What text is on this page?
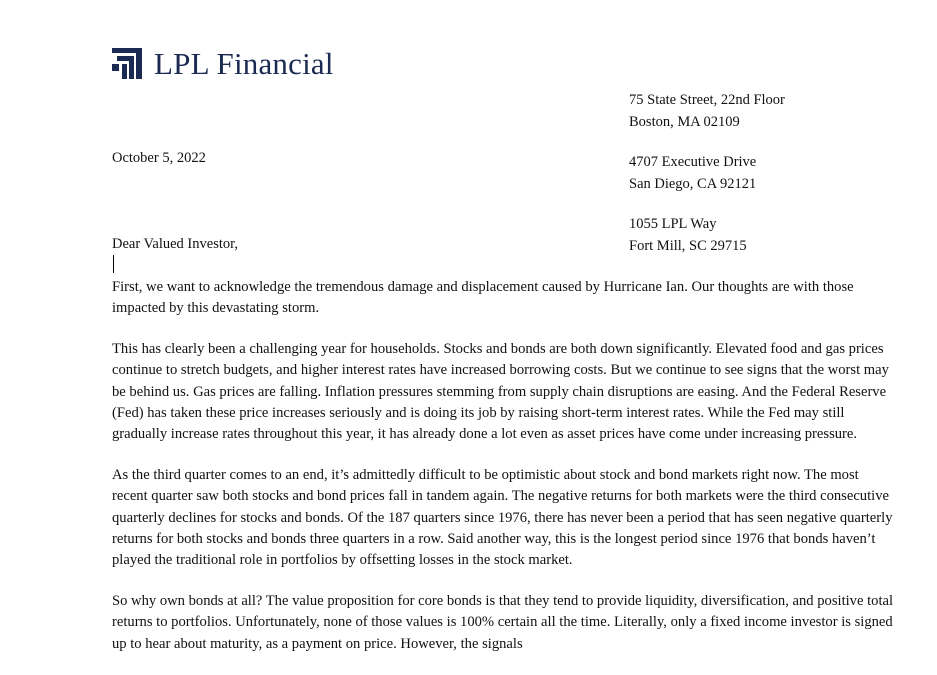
LPL Financial
75 State Street, 22nd Floor
Boston, MA 02109
4707 Executive Drive
San Diego, CA 92121
1055 LPL Way
Fort Mill, SC 29715
October 5, 2022
Dear Valued Investor,

First, we want to acknowledge the tremendous damage and displacement caused by Hurricane Ian. Our thoughts are with those impacted by this devastating storm.

This has clearly been a challenging year for households. Stocks and bonds are both down significantly. Elevated food and gas prices continue to stretch budgets, and higher interest rates have increased borrowing costs. But we continue to see signs that the worst may be behind us. Gas prices are falling. Inflation pressures stemming from supply chain disruptions are easing. And the Federal Reserve (Fed) has taken these price increases seriously and is doing its job by raising short-term interest rates. While the Fed may still gradually increase rates throughout this year, it has already done a lot even as asset prices have come under increasing pressure.

As the third quarter comes to an end, it’s admittedly difficult to be optimistic about stock and bond markets right now. The most recent quarter saw both stocks and bond prices fall in tandem again. The negative returns for both markets were the third consecutive quarterly declines for stocks and bonds. Of the 187 quarters since 1976, there has never been a period that has seen negative quarterly returns for both stocks and bonds three quarters in a row. Said another way, this is the longest period since 1976 that bonds haven’t played the traditional role in portfolios by offsetting losses in the stock market.

So why own bonds at all? The value proposition for core bonds is that they tend to provide liquidity, diversification, and positive total returns to portfolios. Unfortunately, none of those values is 100% certain all the time. Literally, only a fixed income investor is signed up to hear about maturity, as a payment on price. However, the signals
